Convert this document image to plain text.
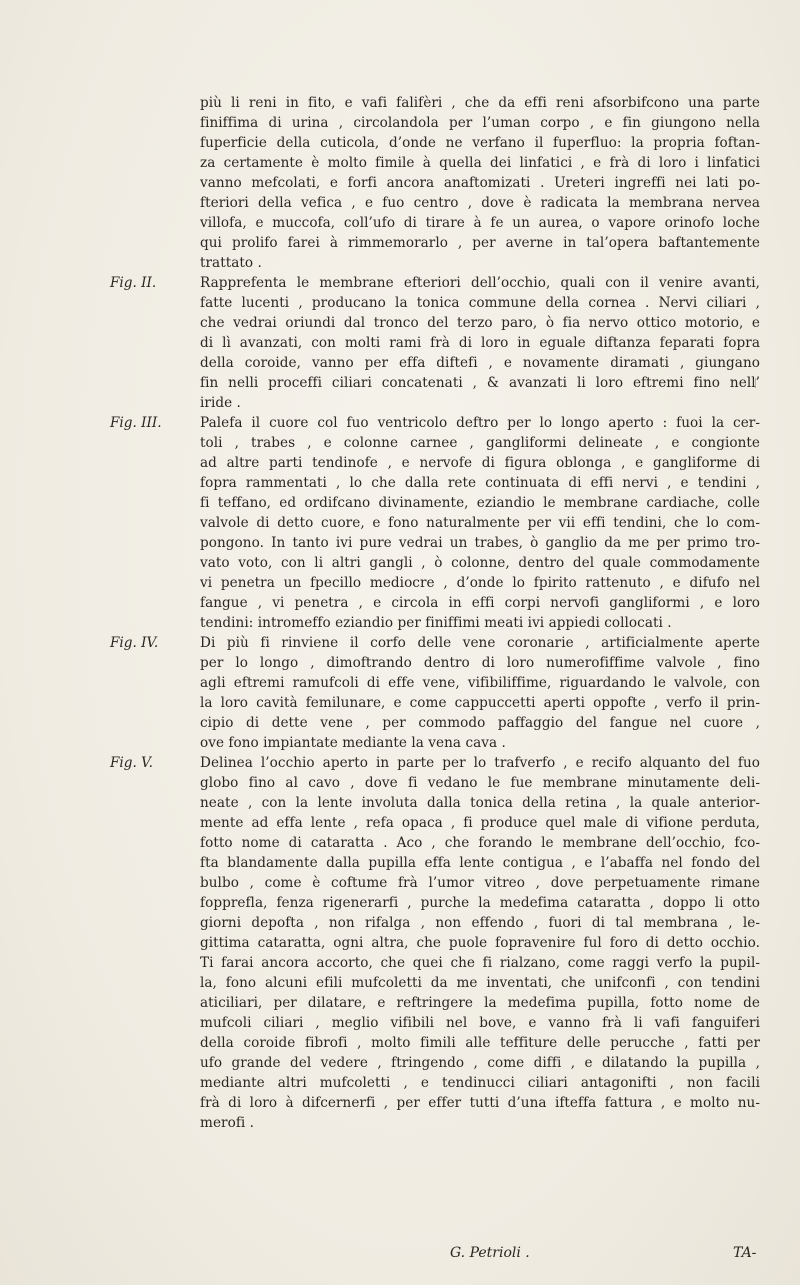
più li reni in fito, e vafi falifèri , che da effi reni afsorbifcono una parte
finiffima di urina , circolandola per l’uman corpo , e fin giungono nella
fuperficie della cuticola, d’onde ne verfano il fuperfluo: la propria foftan-
za certamente è molto fimile à quella dei linfatici , e frà di loro i linfatici
vanno mefcolati, e forfi ancora anaftomizati . Ureteri ingreffi nei lati po-
fteriori della vefica , e fuo centro , dove è radicata la membrana nervea
villofa, e muccofa, coll’ufo di tirare à fe un aurea, o vapore orinofo loche
qui prolifo farei à rimmemorarlo , per averne in tal’opera baftantemente
trattato .
Fig. II.	Rapprefenta le membrane efteriori dell’occhio, quali con il venire avanti,
fatte lucenti , producano la tonica commune della cornea . Nervi ciliari ,
che vedrai oriundi dal tronco del terzo paro, ò fia nervo ottico motorio, e
di lì avanzati, con molti rami frà di loro in eguale diftanza feparati fopra
della coroide, vanno per effa diftefi , e novamente diramati , giungano
fin nelli proceffi ciliari concatenati , & avanzati li loro eftremi fino nell’
iride .
Fig. III.	Palefa il cuore col fuo ventricolo deftro per lo longo aperto : fuoi la cer-
toli , trabes , e colonne carnee , gangliformi delineate , e congionte
ad altre parti tendinofe , e nervofe di figura oblonga , e gangliforme di
fopra rammentati , lo che dalla rete continuata di effi nervi , e tendini ,
fi teffano, ed ordifcano divinamente, eziandio le membrane cardiache, colle
valvole di detto cuore, e fono naturalmente per vii effi tendini, che lo com-
pongono. In tanto ivi pure vedrai un trabes, ò ganglio da me per primo tro-
vato voto, con li altri gangli , ò colonne, dentro del quale commodamente
vi penetra un fpecillo mediocre , d’onde lo fpirito rattenuto , e difufo nel
fangue , vi penetra , e circola in effi corpi nervofi gangliformi , e loro
tendini: intromeffo eziandio per finiffimi meati ivi appiedi collocati .
Fig. IV.	Di più fi rinviene il corfo delle vene coronarie , artificialmente aperte
per lo longo , dimoftrando dentro di loro numerofiffime valvole , fino
agli eftremi ramufcoli di effe vene, vifibiliffime, riguardando le valvole, con
la loro cavità femilunare, e come cappuccetti aperti oppofte , verfo il prin-
cipio di dette vene , per commodo paffaggio del fangue nel cuore ,
ove fono impiantate mediante la vena cava .
Fig. V.	Delinea l’occhio aperto in parte per lo trafverfo , e recifo alquanto del fuo
globo fino al cavo , dove fi vedano le fue membrane minutamente deli-
neate , con la lente involuta dalla tonica della retina , la quale anterior-
mente ad effa lente , refa opaca , fi produce quel male di vifione perduta,
fotto nome di cataratta . Aco , che forando le membrane dell’occhio, fco-
fta blandamente dalla pupilla effa lente contigua , e l’abaffa nel fondo del
bulbo , come è coftume frà l’umor vitreo , dove perpetuamente rimane
fopprefla, fenza rigenerarfi , purche la medefima cataratta , doppo li otto
giorni depofta , non rifalga , non effendo , fuori di tal membrana , le-
gittima cataratta, ogni altra, che puole fopravenire ful foro di detto occhio.
Ti farai ancora accorto, che quei che fi rialzano, come raggi verfo la pupil-
la, fono alcuni efili mufcoletti da me inventati, che unifconfi , con tendini
aticiliari, per dilatare, e reftringere la medefima pupilla, fotto nome de
mufcoli ciliari , meglio vifibili nel bove, e vanno frà li vafi fanguiferi
della coroide fibrofi , molto fimili alle teffiture delle perucche , fatti per
ufo grande del vedere , ftringendo , come diffi , e dilatando la pupilla ,
mediante altri mufcoletti , e tendinucci ciliari antagonifti , non facili
frà di loro à difcernerfi , per effer tutti d’una ifteffa fattura , e molto nu-
merofi .
G. Petrioli .	TA-
